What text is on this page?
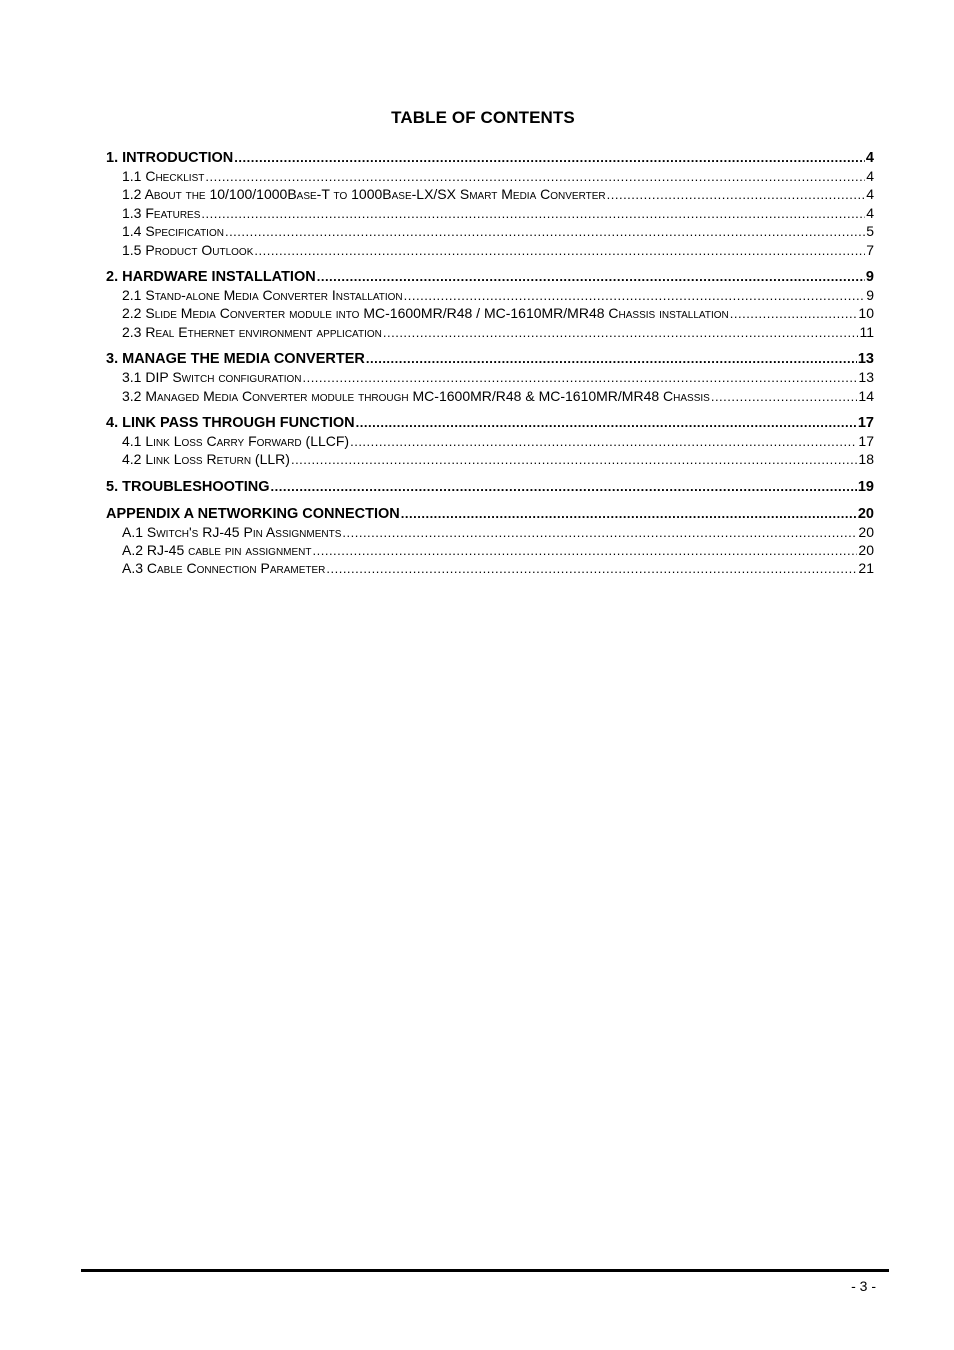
TABLE OF CONTENTS
1. INTRODUCTION .....	4
1.1 Checklist .....	4
1.2 About the 10/100/1000Base-T to 1000Base-LX/SX Smart Media Converter .....	4
1.3 Features .....	4
1.4 Specification .....	5
1.5 Product Outlook .....	7
2. HARDWARE INSTALLATION .....	9
2.1 Stand-alone Media Converter Installation .....	9
2.2 Slide Media Converter module into MC-1600MR/R48 / MC-1610MR/MR48 Chassis installation .....	10
2.3 Real Ethernet environment application .....	11
3. MANAGE THE MEDIA CONVERTER .....	13
3.1 DIP Switch configuration .....	13
3.2 Managed Media Converter module through MC-1600MR/R48 & MC-1610MR/MR48 Chassis .....	14
4. LINK PASS THROUGH FUNCTION .....	17
4.1 Link Loss Carry Forward (LLCF) .....	17
4.2 Link Loss Return (LLR) .....	18
5. TROUBLESHOOTING .....	19
APPENDIX A NETWORKING CONNECTION .....	20
A.1 Switch's RJ-45 Pin Assignments .....	20
A.2 RJ-45 cable pin assignment .....	20
A.3 Cable Connection Parameter .....	21
- 3 -
